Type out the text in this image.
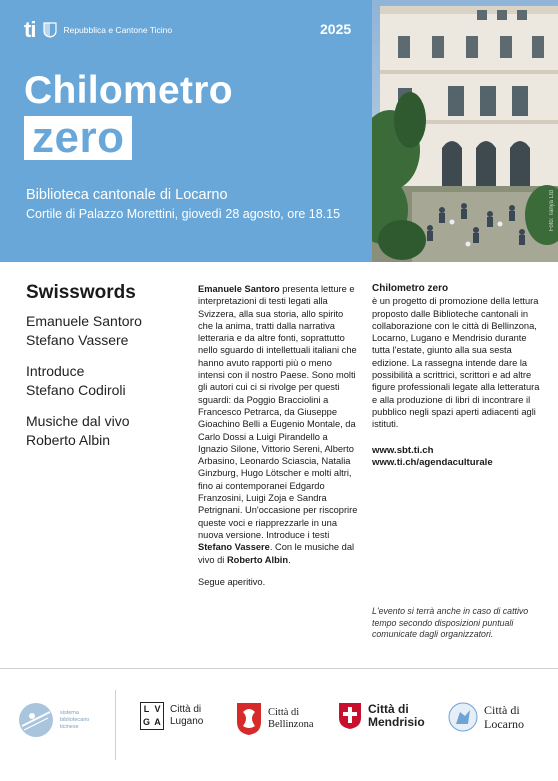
ti	Repubblica e Cantone Ticino	2025
Chilometro
zero
Biblioteca cantonale di Locarno
Cortile di Palazzo Morettini, giovedì 28 agosto, ore 18.15	Foto: Tanya Ltd
Swisswords
Emanuele Santoro
Stefano Vassere
Introduce
Stefano Codiroli
Musiche dal vivo
Roberto Albin

Emanuele Santoro presenta letture e interpretazioni di testi legati alla Svizzera, alla sua storia, allo spirito che la anima, tratti dalla narrativa letteraria e da altre fonti, soprattutto nello sguardo di intellettuali italiani che hanno avuto rapporti più o meno intensi con il nostro Paese. Sono molti gli autori cui ci si rivolge per questi sguardi: da Poggio Bracciolini a Francesco Petrarca, da Giuseppe Gioachino Belli a Eugenio Montale, da Carlo Dossi a Luigi Pirandello a Ignazio Silone, Vittorio Sereni, Alberto Arbasino, Leonardo Sciascia, Natalia Ginzburg, Hugo Lötscher e molti altri, fino ai contemporanei Edgardo Franzosini, Luigi Zoja e Sandra Petrignani. Un'occasione per riscoprire queste voci e riapprezzarle in una nuova versione. Introduce i testi Stefano Vassere. Con le musiche dal vivo di Roberto Albin.

Segue aperitivo.

Chilometro zero
è un progetto di promozione della lettura proposto dalle Biblioteche cantonali in collaborazione con le città di Bellinzona, Locarno, Lugano e Mendrisio durante tutta l'estate, giunto alla sua sesta edizione. La rassegna intende dare la possibilità a scrittrici, scrittori e ad altre figure professionali legate alla letteratura e alla produzione di libri di incontrare il pubblico negli spazi aperti adiacenti agli istituti.
www.sbt.ti.ch
www.ti.ch/agendaculturale
L'evento si terrà anche in caso di cattivo tempo secondo disposizioni puntuali comunicate dagli organizzatori.
sistema bibliotecario ticinese
L V
G A
Città di Lugano
Città di Bellinzona
Città di Mendrisio
Città di Locarno
